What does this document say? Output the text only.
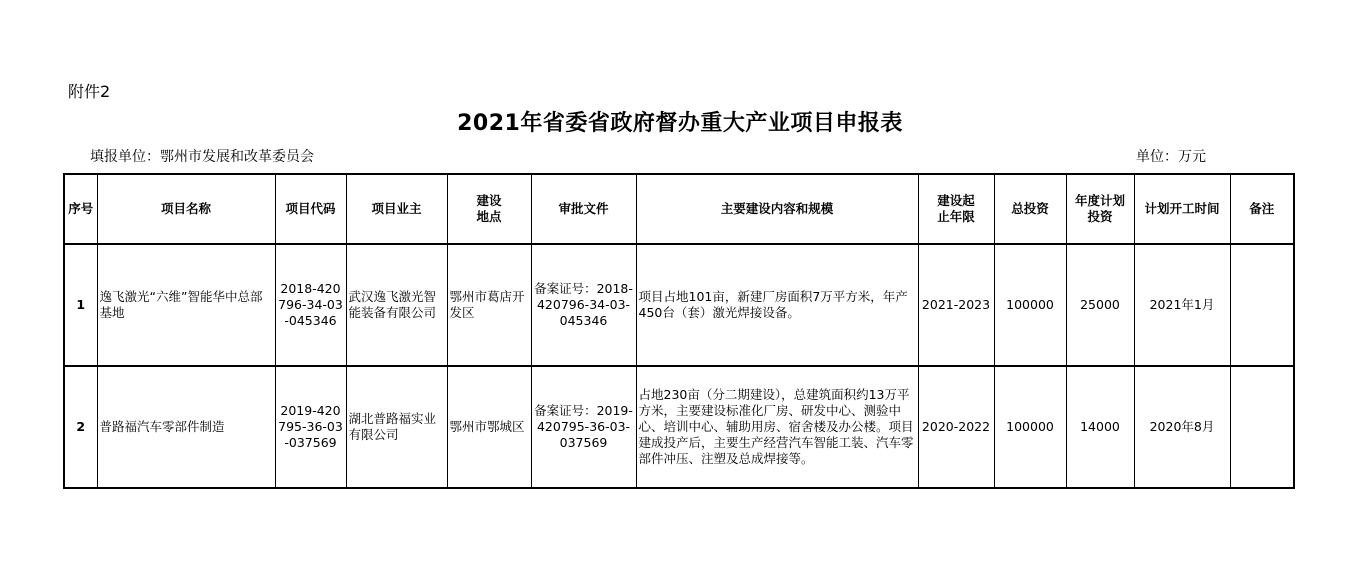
附件2
2021年省委省政府督办重大产业项目申报表
填报单位：鄂州市发展和改革委员会	单位：万元
序号	项目名称	项目代码	项目业主	建设地点	审批文件	主要建设内容和规模	建设起止年限	总投资	年度计划投资	计划开工时间	备注
1	逸飞激光“六维”智能华中总部基地	2018-420796-34-03-045346	武汉逸飞激光智能装备有限公司	鄂州市葛店开发区	备案证号：2018-420796-34-03-045346	项目占地101亩，新建厂房面积7万平方米，年产450台（套）激光焊接设备。	2021-2023	100000	25000	2021年1月	
2	普路福汽车零部件制造	2019-420795-36-03-037569	湖北普路福实业有限公司	鄂州市鄂城区	备案证号：2019-420795-36-03-037569	占地230亩（分二期建设），总建筑面积约13万平方米，主要建设标准化厂房、研发中心、测验中心、培训中心、辅助用房、宿舍楼及办公楼。项目建成投产后，主要生产经营汽车智能工装、汽车零部件冲压、注塑及总成焊接等。	2020-2022	100000	14000	2020年8月	
